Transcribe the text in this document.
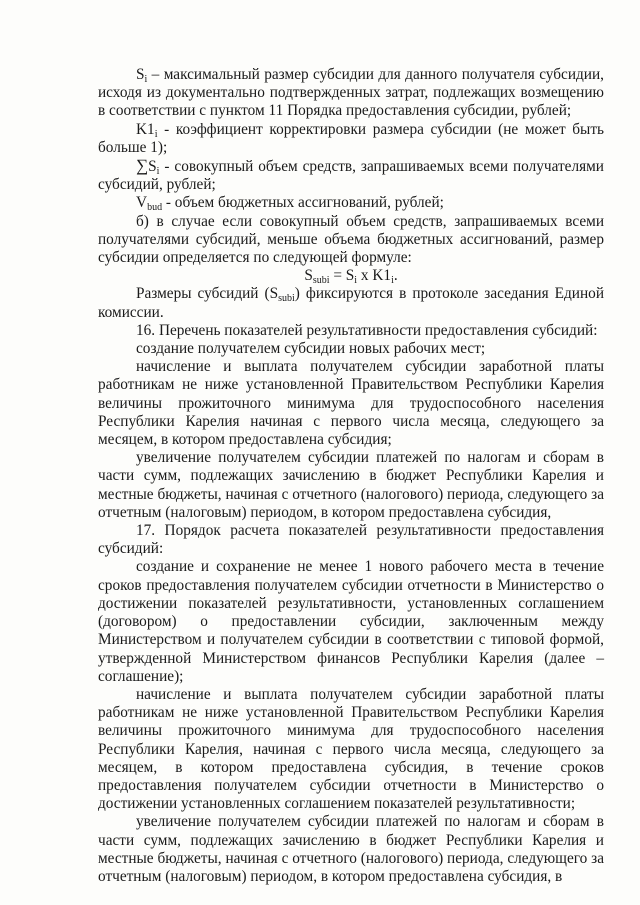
$S_i$ – максимальный размер субсидии для данного получателя субсидии, исходя из документально подтвержденных затрат, подлежащих возмещению в соответствии с пунктом 11 Порядка предоставления субсидии, рублей;

$K1_i$ - коэффициент корректировки размера субсидии (не может быть больше 1);

$\sum S_i$ - совокупный объем средств, запрашиваемых всеми получателями субсидий, рублей;

$V_{bud}$ - объем бюджетных ассигнований, рублей;

б) в случае если совокупный объем средств, запрашиваемых всеми получателями субсидий, меньше объема бюджетных ассигнований, размер субсидии определяется по следующей формуле:

$S_{subi} = S_i$ x $K1_i$.

Размеры субсидий $(S_{subi})$ фиксируются в протоколе заседания Единой комиссии.

16. Перечень показателей результативности предоставления субсидий:

создание получателем субсидии новых рабочих мест;

начисление и выплата получателем субсидии заработной платы работникам не ниже установленной Правительством Республики Карелия величины прожиточного минимума для трудоспособного населения Республики Карелия начиная с первого числа месяца, следующего за месяцем, в котором предоставлена субсидия;

увеличение получателем субсидии платежей по налогам и сборам в части сумм, подлежащих зачислению в бюджет Республики Карелия и местные бюджеты, начиная с отчетного (налогового) периода, следующего за отчетным (налоговым) периодом, в котором предоставлена субсидия,

17. Порядок расчета показателей результативности предоставления субсидий:

создание и сохранение не менее 1 нового рабочего места в течение сроков предоставления получателем субсидии отчетности в Министерство о достижении показателей результативности, установленных соглашением (договором) о предоставлении субсидии, заключенным между Министерством и получателем субсидии в соответствии с типовой формой, утвержденной Министерством финансов Республики Карелия (далее – соглашение);

начисление и выплата получателем субсидии заработной платы работникам не ниже установленной Правительством Республики Карелия величины прожиточного минимума для трудоспособного населения Республики Карелия, начиная с первого числа месяца, следующего за месяцем, в котором предоставлена субсидия, в течение сроков предоставления получателем субсидии отчетности в Министерство о достижении установленных соглашением показателей результативности;

увеличение получателем субсидии платежей по налогам и сборам в части сумм, подлежащих зачислению в бюджет Республики Карелия и местные бюджеты, начиная с отчетного (налогового) периода, следующего за отчетным (налоговым) периодом, в котором предоставлена субсидия, в
